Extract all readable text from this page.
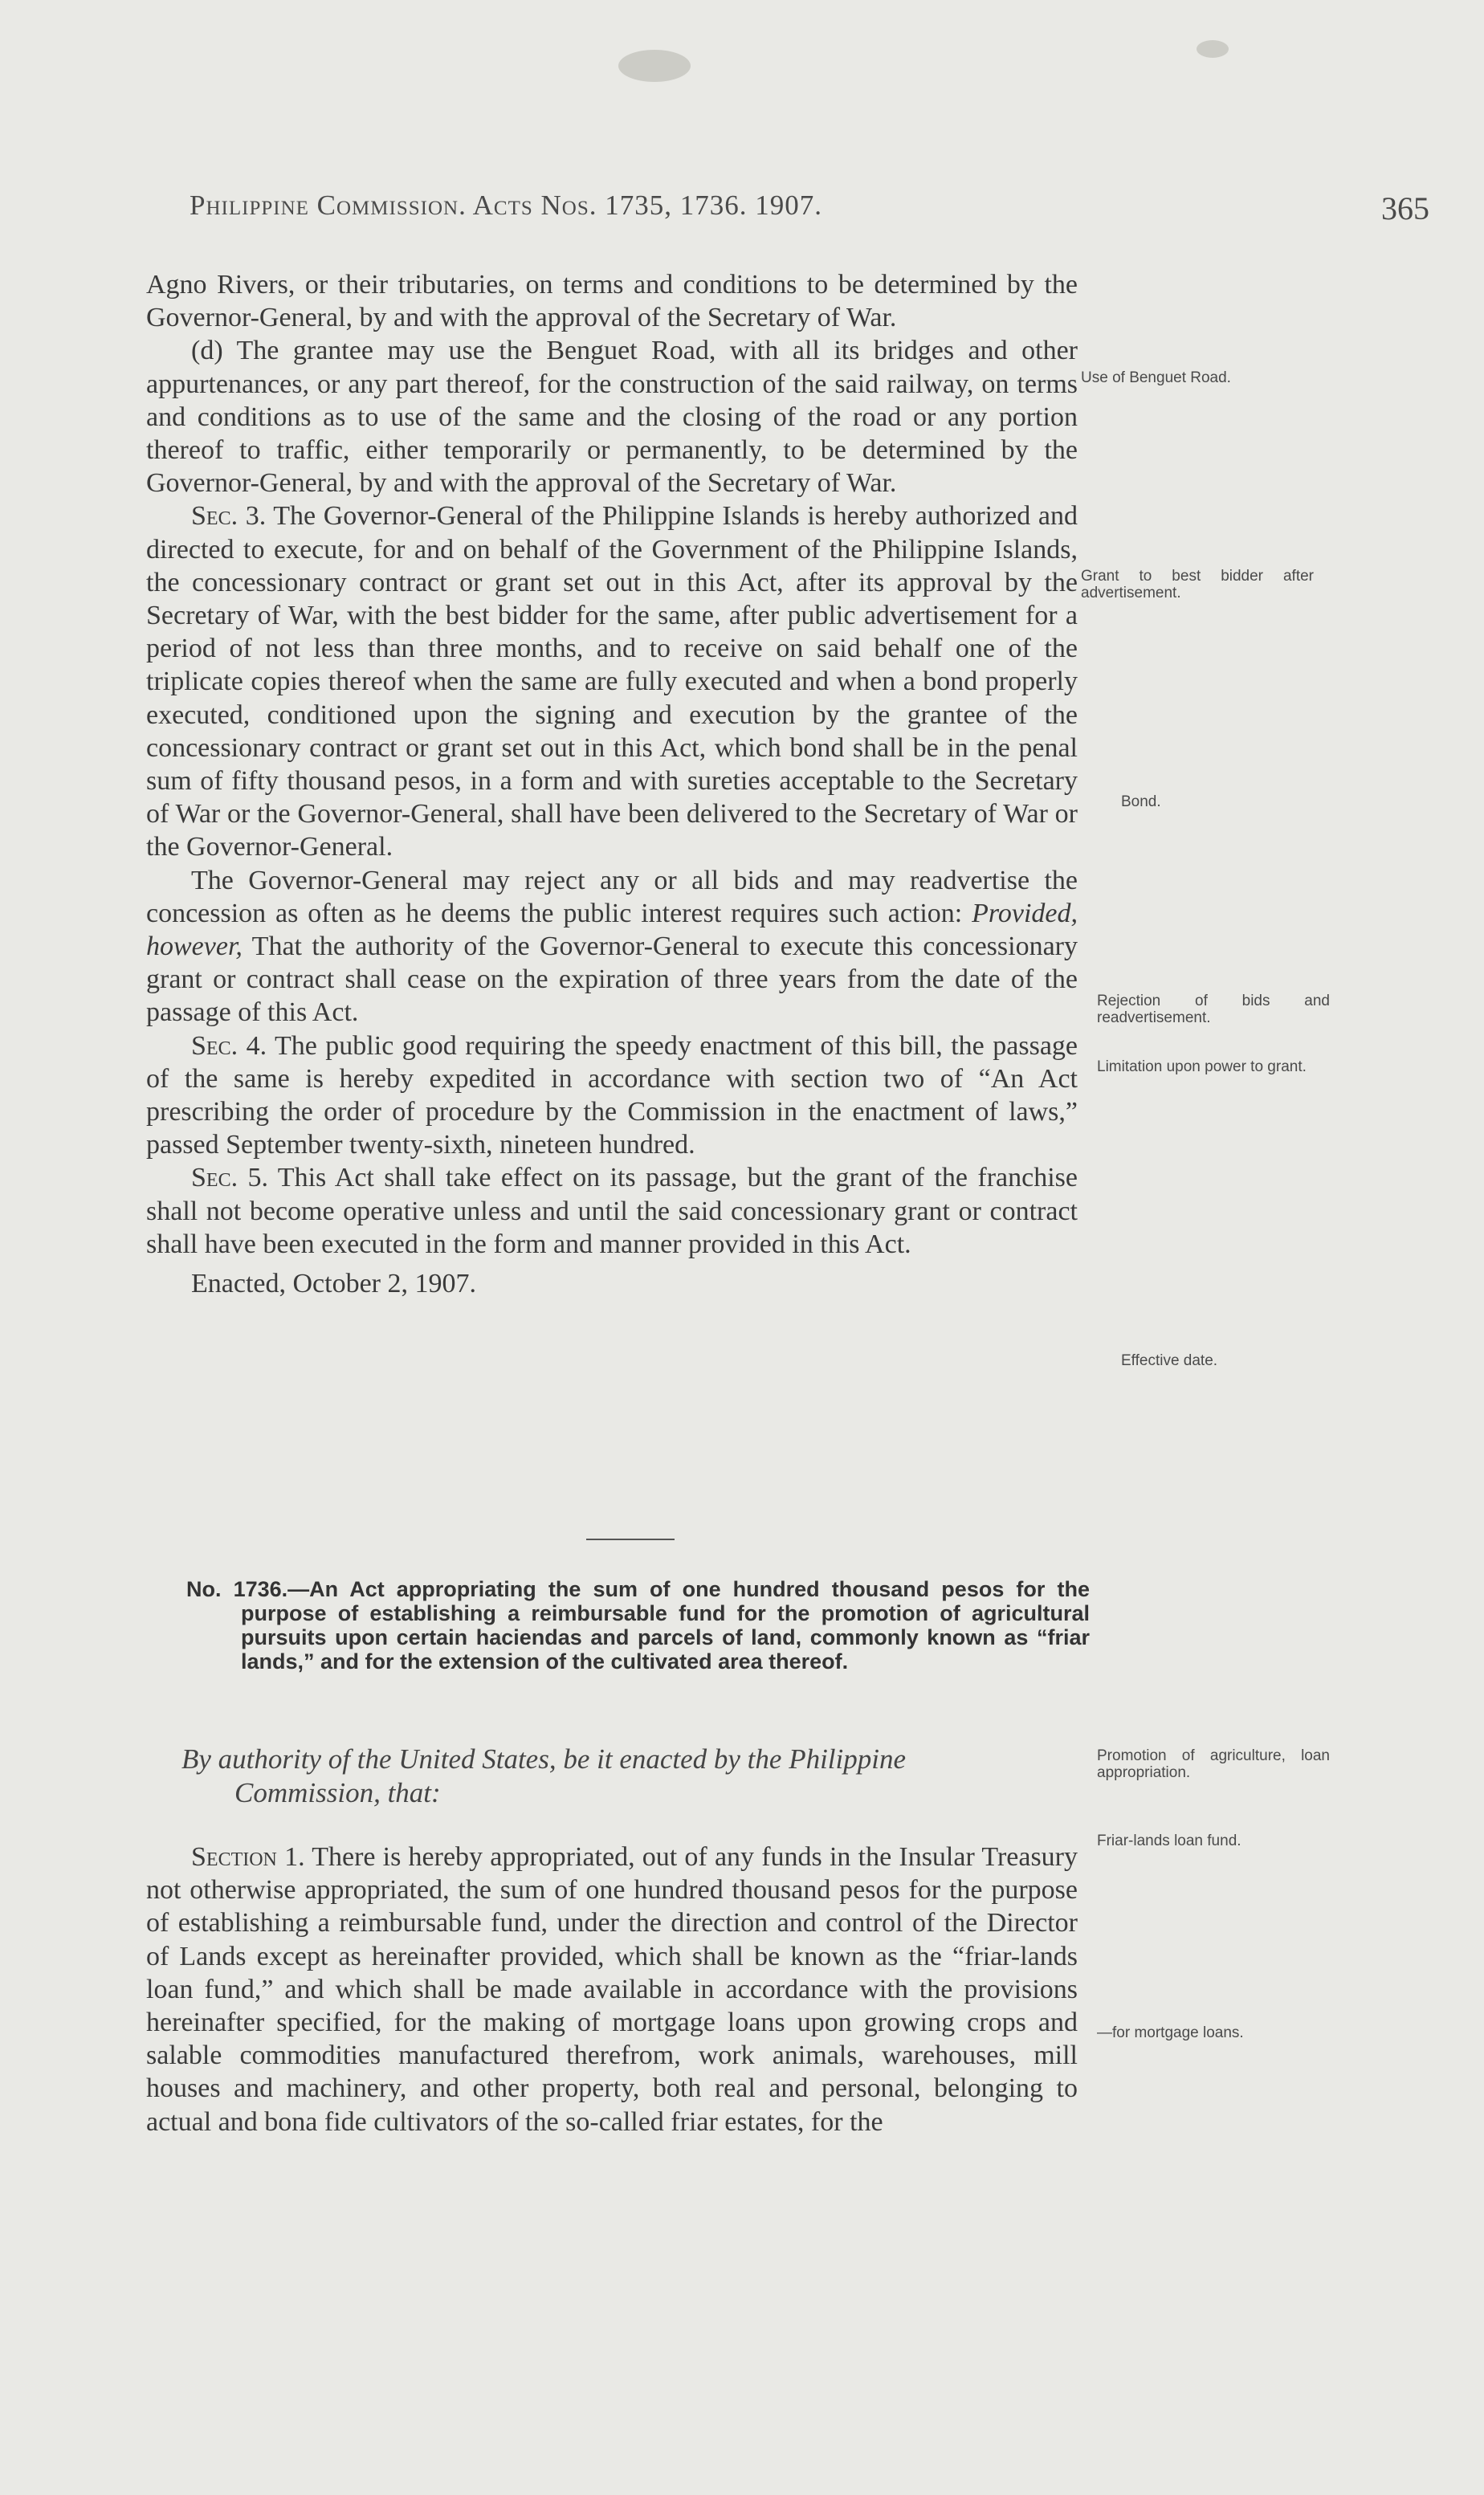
Philippine Commission. Acts Nos. 1735, 1736. 1907.	365

Agno Rivers, or their tributaries, on terms and conditions to be determined by the Governor-General, by and with the approval of the Secretary of War.

(d) The grantee may use the Benguet Road, with all its bridges and other appurtenances, or any part thereof, for the construction of the said railway, on terms and conditions as to use of the same and the closing of the road or any portion thereof to traffic, either temporarily or permanently, to be determined by the Governor-General, by and with the approval of the Secretary of War.

Sec. 3. The Governor-General of the Philippine Islands is hereby authorized and directed to execute, for and on behalf of the Government of the Philippine Islands, the concessionary contract or grant set out in this Act, after its approval by the Secretary of War, with the best bidder for the same, after public advertisement for a period of not less than three months, and to receive on said behalf one of the triplicate copies thereof when the same are fully executed and when a bond properly executed, conditioned upon the signing and execution by the grantee of the concessionary contract or grant set out in this Act, which bond shall be in the penal sum of fifty thousand pesos, in a form and with sureties acceptable to the Secretary of War or the Governor-General, shall have been delivered to the Secretary of War or the Governor-General.

The Governor-General may reject any or all bids and may readvertise the concession as often as he deems the public interest requires such action: Provided, however, That the authority of the Governor-General to execute this concessionary grant or contract shall cease on the expiration of three years from the date of the passage of this Act.

Sec. 4. The public good requiring the speedy enactment of this bill, the passage of the same is hereby expedited in accordance with section two of “An Act prescribing the order of procedure by the Commission in the enactment of laws,” passed September twenty-sixth, nineteen hundred.

Sec. 5. This Act shall take effect on its passage, but the grant of the franchise shall not become operative unless and until the said concessionary grant or contract shall have been executed in the form and manner provided in this Act.

Enacted, October 2, 1907.

No. 1736.—An Act appropriating the sum of one hundred thousand pesos for the purpose of establishing a reimbursable fund for the promotion of agricultural pursuits upon certain haciendas and parcels of land, commonly known as “friar lands,” and for the extension of the cultivated area thereof.

By authority of the United States, be it enacted by the Philippine
Commission, that:

Section 1. There is hereby appropriated, out of any funds in the Insular Treasury not otherwise appropriated, the sum of one hundred thousand pesos for the purpose of establishing a reimbursable fund, under the direction and control of the Director of Lands except as hereinafter provided, which shall be known as the “friar-lands loan fund,” and which shall be made available in accordance with the provisions hereinafter specified, for the making of mortgage loans upon growing crops and salable commodities manufactured therefrom, work animals, warehouses, mill houses and machinery, and other property, both real and personal, belonging to actual and bona fide cultivators of the so-called friar estates, for the

Use of Benguet Road.
Grant to best bidder after advertisement.
Bond.
Rejection of bids and readvertisement.
Limitation upon power to grant.
Effective date.
Promotion of agriculture, loan appropriation.
Friar-lands loan fund.
—for mortgage loans.
